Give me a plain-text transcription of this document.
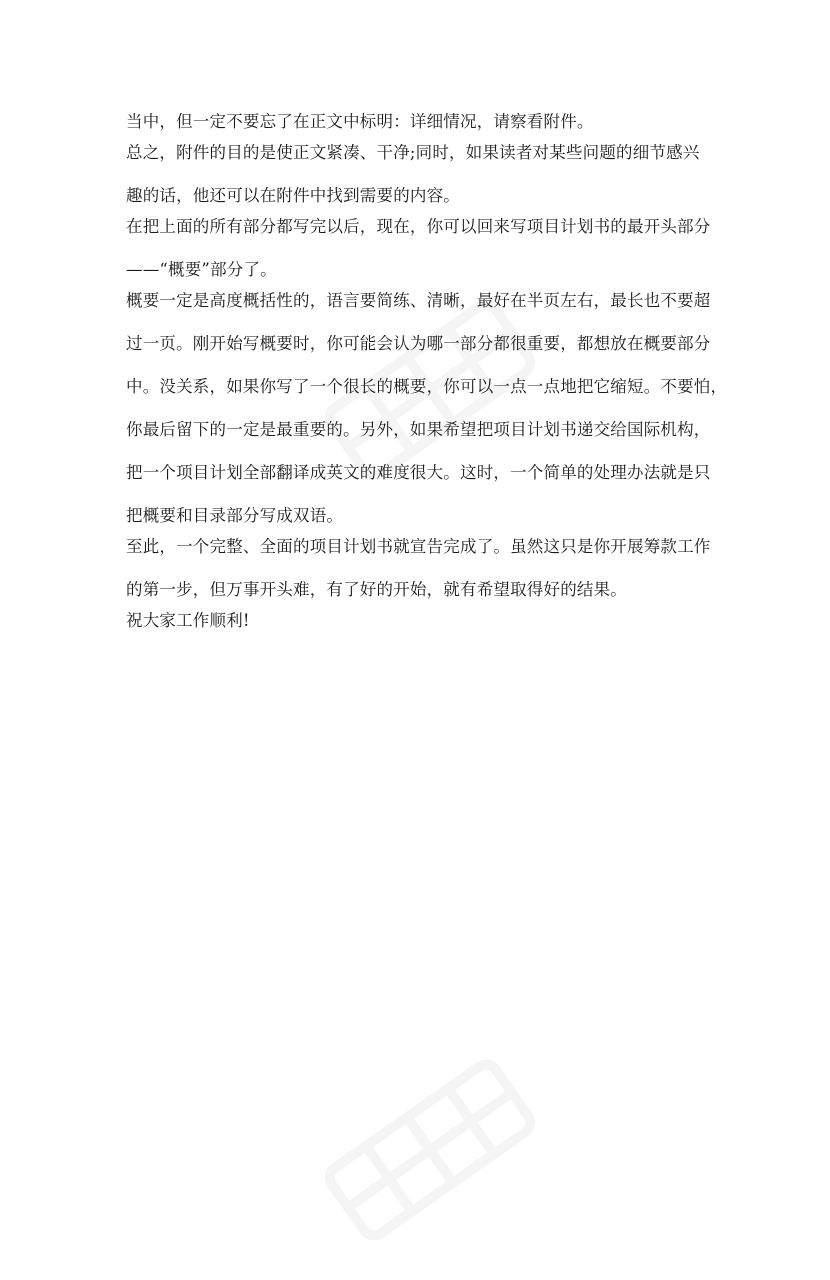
当中，但一定不要忘了在正文中标明：详细情况，请察看附件。
总之，附件的目的是使正文紧凑、干净;同时，如果读者对某些问题的细节感兴
趣的话，他还可以在附件中找到需要的内容。
在把上面的所有部分都写完以后，现在，你可以回来写项目计划书的最开头部分
——“概要”部分了。
概要一定是高度概括性的，语言要简练、清晰，最好在半页左右，最长也不要超
过一页。刚开始写概要时，你可能会认为哪一部分都很重要，都想放在概要部分
中。没关系，如果你写了一个很长的概要，你可以一点一点地把它缩短。不要怕，
你最后留下的一定是最重要的。另外，如果希望把项目计划书递交给国际机构，
把一个项目计划全部翻译成英文的难度很大。这时，一个简单的处理办法就是只
把概要和目录部分写成双语。
至此，一个完整、全面的项目计划书就宣告完成了。虽然这只是你开展筹款工作
的第一步，但万事开头难，有了好的开始，就有希望取得好的结果。
祝大家工作顺利!
